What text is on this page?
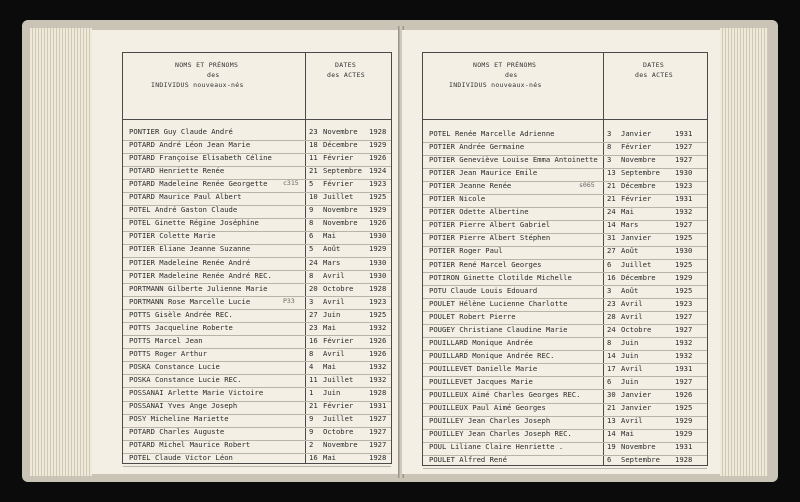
NOMS ET PRÉNOMS
des
INDIVIDUS nouveaux-nés
DATES
des ACTES
PONTIER Guy Claude André	23 Novembre 1928
POTARD André Léon Jean Marie	18 Décembre 1929
POTARD Françoise Elisabeth Céline	11 Février 1926
POTARD Henriette Renée	21 Septembre 1924
POTARD Madeleine Renée Georgette c315 5 Février 1923
POTARD Maurice Paul Albert	10 Juillet 1925
POTEL André Gaston Claude	9 Novembre 1929
POTEL Ginette Régine Joséphine	8 Novembre 1926
POTIER Colette Marie	6 Mai	1930
POTIER Eliane Jeanne Suzanne	5 Août	1929
POTIER Madeleine Renée André	24 Mars	1930
POTIER Madeleine Renée André REC.	8 Avril	1930
PORTMANN Gilberte Julienne Marie	20 Octobre 1928
PORTMANN Rose Marcelle Lucie	P33 3 Avril	1923
POTTS Gisèle Andrée REC.	27 Juin	1925
POTTS Jacqueline Roberte	23 Mai	1932
POTTS Marcel Jean	16 Février 1926
POTTS Roger Arthur	8 Avril	1926
POSKA Constance Lucie	4 Mai	1932
POSKA Constance Lucie REC.	11 Juillet 1932
POSSANAI Arlette Marie Victoire	1 Juin	1928
POSSANAI Yves Ange Joseph	21 Février 1931
POSY Micheline Mariette	9 Juillet 1927
POTARD Charles Auguste	9 Octobre 1927
POTARD Michel Maurice Robert	2 Novembre 1927
POTEL Claude Victor Léon	16 Mai	1928
NOMS ET PRÉNOMS
des
INDIVIDUS nouveaux-nés
DATES
des ACTES
POTEL Renée Marcelle Adrienne	3 Janvier	1931
POTIER Andrée Germaine	8 Février	1927
POTIER Geneviève Louise Emma Antoinette 3 Novembre	1927
POTIER Jean Maurice Emile	13 Septembre 1930
POTIER Jeanne Renée	s065 21 Décembre	1923
POTIER Nicole	21 Février	1931
POTIER Odette Albertine	24 Mai	1932
POTIER Pierre Albert Gabriel	14 Mars	1927
POTIER Pierre Albert Stéphen	31 Janvier	1925
POTIER Roger Paul	27 Août	1930
POTIER René Marcel Georges	6 Juillet	1925
POTIRON Ginette Clotilde Michelle	16 Décembre	1929
POTU Claude Louis Edouard	3 Août	1925
POULET Hélène Lucienne Charlotte	23 Avril	1923
POULET Robert Pierre	28 Avril	1927
POUGEY Christiane Claudine Marie	24 Octobre	1927
POUILLARD Monique Andrée	8 Juin	1932
POUILLARD Monique Andrée REC.	14 Juin	1932
POUILLEVET Danielle Marie	17 Avril	1931
POUILLEVET Jacques Marie	6 Juin	1927
POUILLEUX Aimé Charles Georges REC.	30 Janvier	1926
POUILLEUX Paul Aimé Georges	21 Janvier	1925
POUILLEY Jean Charles Joseph	13 Avril	1929
POUILLEY Jean Charles Joseph REC.	14 Mai	1929
POUL Liliane Claire Henriette .	19 Novembre	1931
POULET Alfred René	6 Septembre 1928
